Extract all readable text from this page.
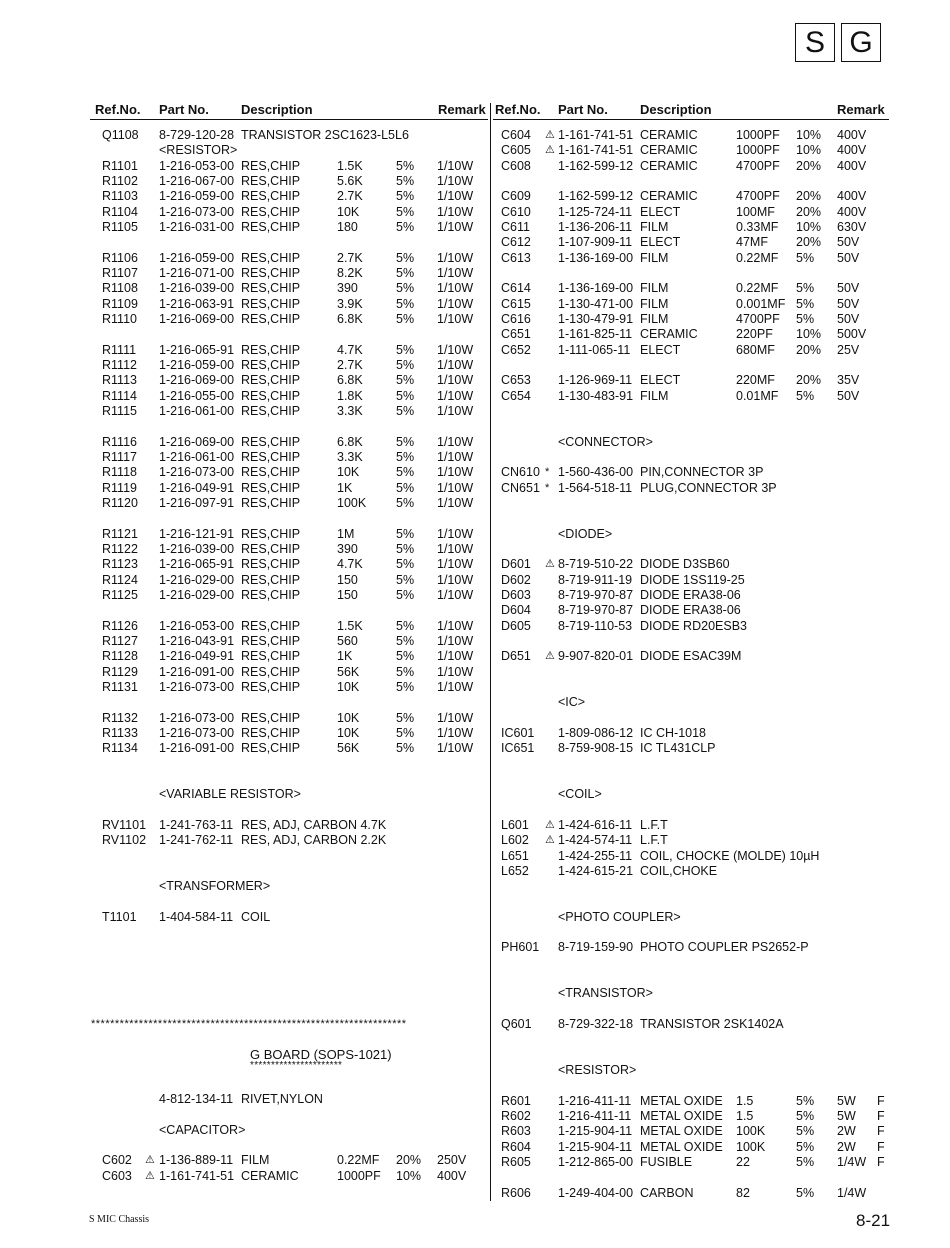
S G
Ref.No. Part No. Description	Remark Ref.No. Part No. Description	Remark
Q1108 8-729-120-28 TRANSISTOR 2SC1623-L5L6
<RESISTOR>
R1101 1-216-053-00 RES,CHIP	1.5K	5% 1/10W
R1102 1-216-067-00 RES,CHIP	5.6K	5% 1/10W
R1103 1-216-059-00 RES,CHIP	2.7K	5% 1/10W
R1104 1-216-073-00 RES,CHIP	10K	5% 1/10W
R1105 1-216-031-00 RES,CHIP	180	5% 1/10W
R1106 1-216-059-00 RES,CHIP	2.7K	5% 1/10W
R1107 1-216-071-00 RES,CHIP	8.2K	5% 1/10W
R1108 1-216-039-00 RES,CHIP	390	5% 1/10W
R1109 1-216-063-91 RES,CHIP	3.9K	5% 1/10W
R1110 1-216-069-00 RES,CHIP	6.8K	5% 1/10W
R1111 1-216-065-91 RES,CHIP	4.7K	5% 1/10W
R1112 1-216-059-00 RES,CHIP	2.7K	5% 1/10W
R1113 1-216-069-00 RES,CHIP	6.8K	5% 1/10W
R1114 1-216-055-00 RES,CHIP	1.8K	5% 1/10W
R1115 1-216-061-00 RES,CHIP	3.3K	5% 1/10W
R1116 1-216-069-00 RES,CHIP	6.8K	5% 1/10W
R1117 1-216-061-00 RES,CHIP	3.3K	5% 1/10W
R1118 1-216-073-00 RES,CHIP	10K	5% 1/10W
R1119 1-216-049-91 RES,CHIP	1K	5% 1/10W
R1120 1-216-097-91 RES,CHIP	100K 5% 1/10W
R1121 1-216-121-91 RES,CHIP	1M	5% 1/10W
R1122 1-216-039-00 RES,CHIP	390	5% 1/10W
R1123 1-216-065-91 RES,CHIP	4.7K	5% 1/10W
R1124 1-216-029-00 RES,CHIP	150	5% 1/10W
R1125 1-216-029-00 RES,CHIP	150	5% 1/10W
R1126 1-216-053-00 RES,CHIP	1.5K	5% 1/10W
R1127 1-216-043-91 RES,CHIP	560	5% 1/10W
R1128 1-216-049-91 RES,CHIP	1K	5% 1/10W
R1129 1-216-091-00 RES,CHIP	56K	5% 1/10W
R1131 1-216-073-00 RES,CHIP	10K	5% 1/10W
R1132 1-216-073-00 RES,CHIP	10K	5% 1/10W
R1133 1-216-073-00 RES,CHIP	10K	5% 1/10W
R1134 1-216-091-00 RES,CHIP	56K	5% 1/10W
<VARIABLE RESISTOR>
RV1101 1-241-763-11 RES, ADJ, CARBON 4.7K
RV1102 1-241-762-11 RES, ADJ, CARBON 2.2K
<TRANSFORMER>
T1101 1-404-584-11 COIL
4-812-134-11 RIVET,NYLON
<CAPACITOR>
C602 ⚠ 1-136-889-11 FILM	0.22MF 20% 250V
C603 ⚠ 1-161-741-51 CERAMIC	1000PF 10% 400V
C604 ⚠ 1-161-741-51 CERAMIC	1000PF 10% 400V
C605 ⚠ 1-161-741-51 CERAMIC	1000PF 10% 400V
C608 1-162-599-12 CERAMIC	4700PF 20% 400V
C609 1-162-599-12 CERAMIC	4700PF 20% 400V
C610 1-125-724-11 ELECT	100MF 20% 400V
C611 1-136-206-11 FILM	0.33MF 10% 630V
C612 1-107-909-11 ELECT	47MF 20% 50V
C613 1-136-169-00 FILM	0.22MF 5% 50V
C614 1-136-169-00 FILM	0.22MF 5% 50V
C615 1-130-471-00 FILM	0.001MF 5% 50V
C616 1-130-479-91 FILM	4700PF 5% 50V
C651 1-161-825-11 CERAMIC	220PF 10% 500V
C652 1-111-065-11 ELECT	680MF 20% 25V
C653 1-126-969-11 ELECT	220MF 20% 35V
C654 1-130-483-91 FILM	0.01MF 5% 50V
<CONNECTOR>
CN610 * 1-560-436-00 PIN,CONNECTOR 3P
CN651 * 1-564-518-11 PLUG,CONNECTOR 3P
<DIODE>
D601 ⚠ 8-719-510-22 DIODE D3SB60
D602 8-719-911-19 DIODE 1SS119-25
D603 8-719-970-87 DIODE ERA38-06
D604 8-719-970-87 DIODE ERA38-06
D605 8-719-110-53 DIODE RD20ESB3
D651 ⚠ 9-907-820-01 DIODE ESAC39M
<IC>
IC601 1-809-086-12 IC CH-1018
IC651 8-759-908-15 IC TL431CLP
<COIL>
L601 ⚠ 1-424-616-11 L.F.T
L602 ⚠ 1-424-574-11 L.F.T
L651 1-424-255-11 COIL, CHOCKE (MOLDE) 10µH
L652 1-424-615-21 COIL,CHOKE
<PHOTO COUPLER>
PH601 8-719-159-90 PHOTO COUPLER PS2652-P
<TRANSISTOR>
Q601 8-729-322-18 TRANSISTOR 2SK1402A
<RESISTOR>
R601 1-216-411-11 METAL OXIDE 1.5	5% 5W F
R602 1-216-411-11 METAL OXIDE 1.5	5% 5W F
R603 1-215-904-11 METAL OXIDE 100K 5% 2W F
R604 1-215-904-11 METAL OXIDE 100K 5% 2W F
R605 1-212-865-00 FUSIBLE	22	5% 1/4W F
R606 1-249-404-00 CARBON	82	5% 1/4W
******************************************************************
G BOARD (SOPS-1021)
**********************
S MIC Chassis	8-21
